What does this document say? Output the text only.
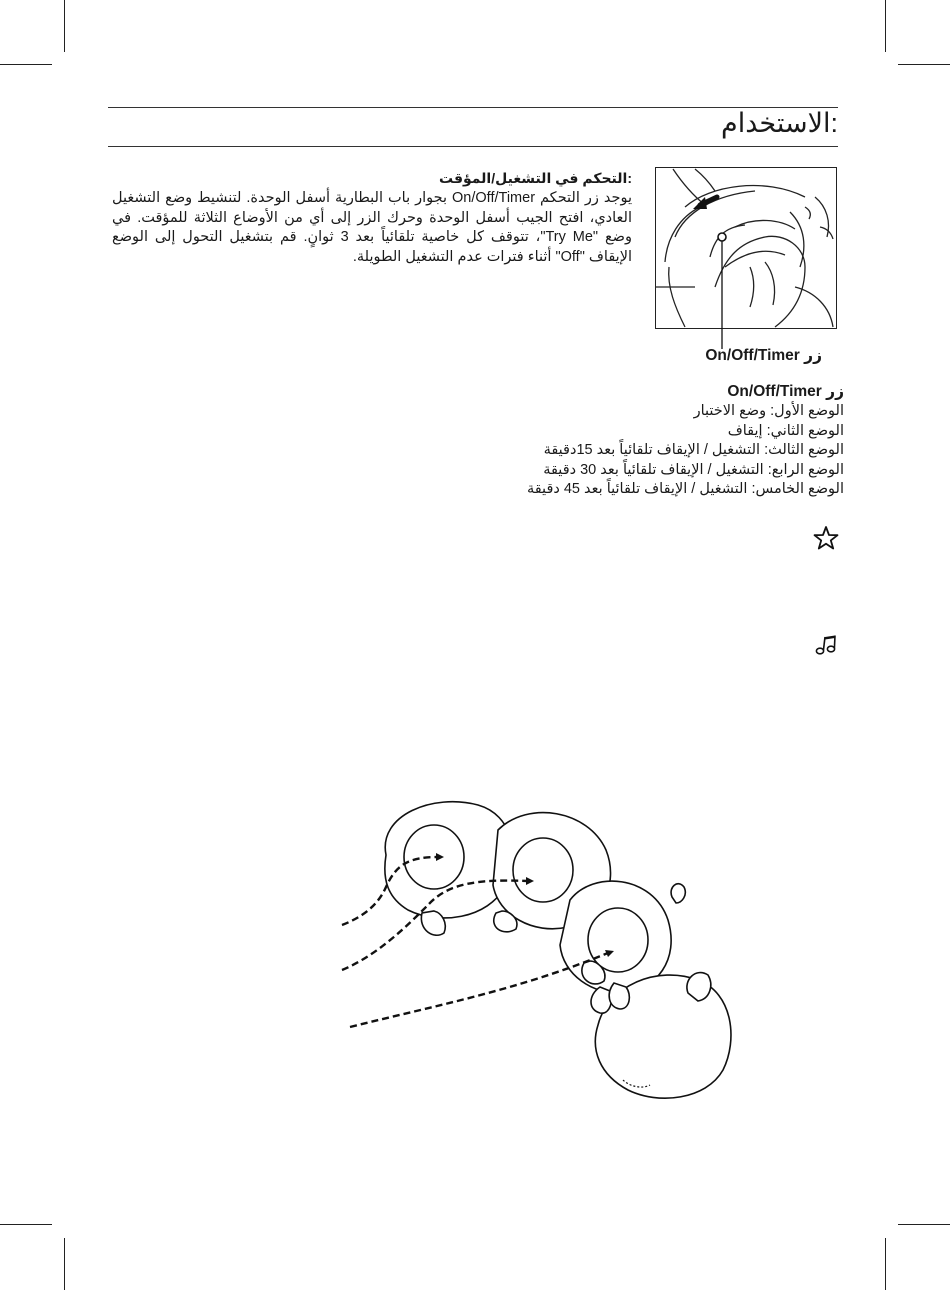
:الاستخدام
:التحكم في التشغيل/المؤقت
يوجد زر التحكم On/Off/Timer بجوار باب البطارية أسفل الوحدة. لتنشيط وضع التشغيل العادي، افتح الجيب أسفل الوحدة وحرك الزر إلى أي من الأوضاع الثلاثة للمؤقت. في وضع "Try Me"، تتوقف كل خاصية تلقائياً بعد 3 ثوانٍ. قم بتشغيل التحول إلى الوضع الإيقاف "Off" أثناء فترات عدم التشغيل الطويلة.
On/Off/Timer زر
On/Off/Timer زر
الوضع الأول: وضع الاختبار
الوضع الثاني: إيقاف
الوضع الثالث: التشغيل / الإيقاف تلقائياً بعد 15دقيقة
الوضع الرابع: التشغيل / الإيقاف تلقائياً بعد 30 دقيقة
الوضع الخامس: التشغيل / الإيقاف تلقائياً بعد 45 دقيقة
